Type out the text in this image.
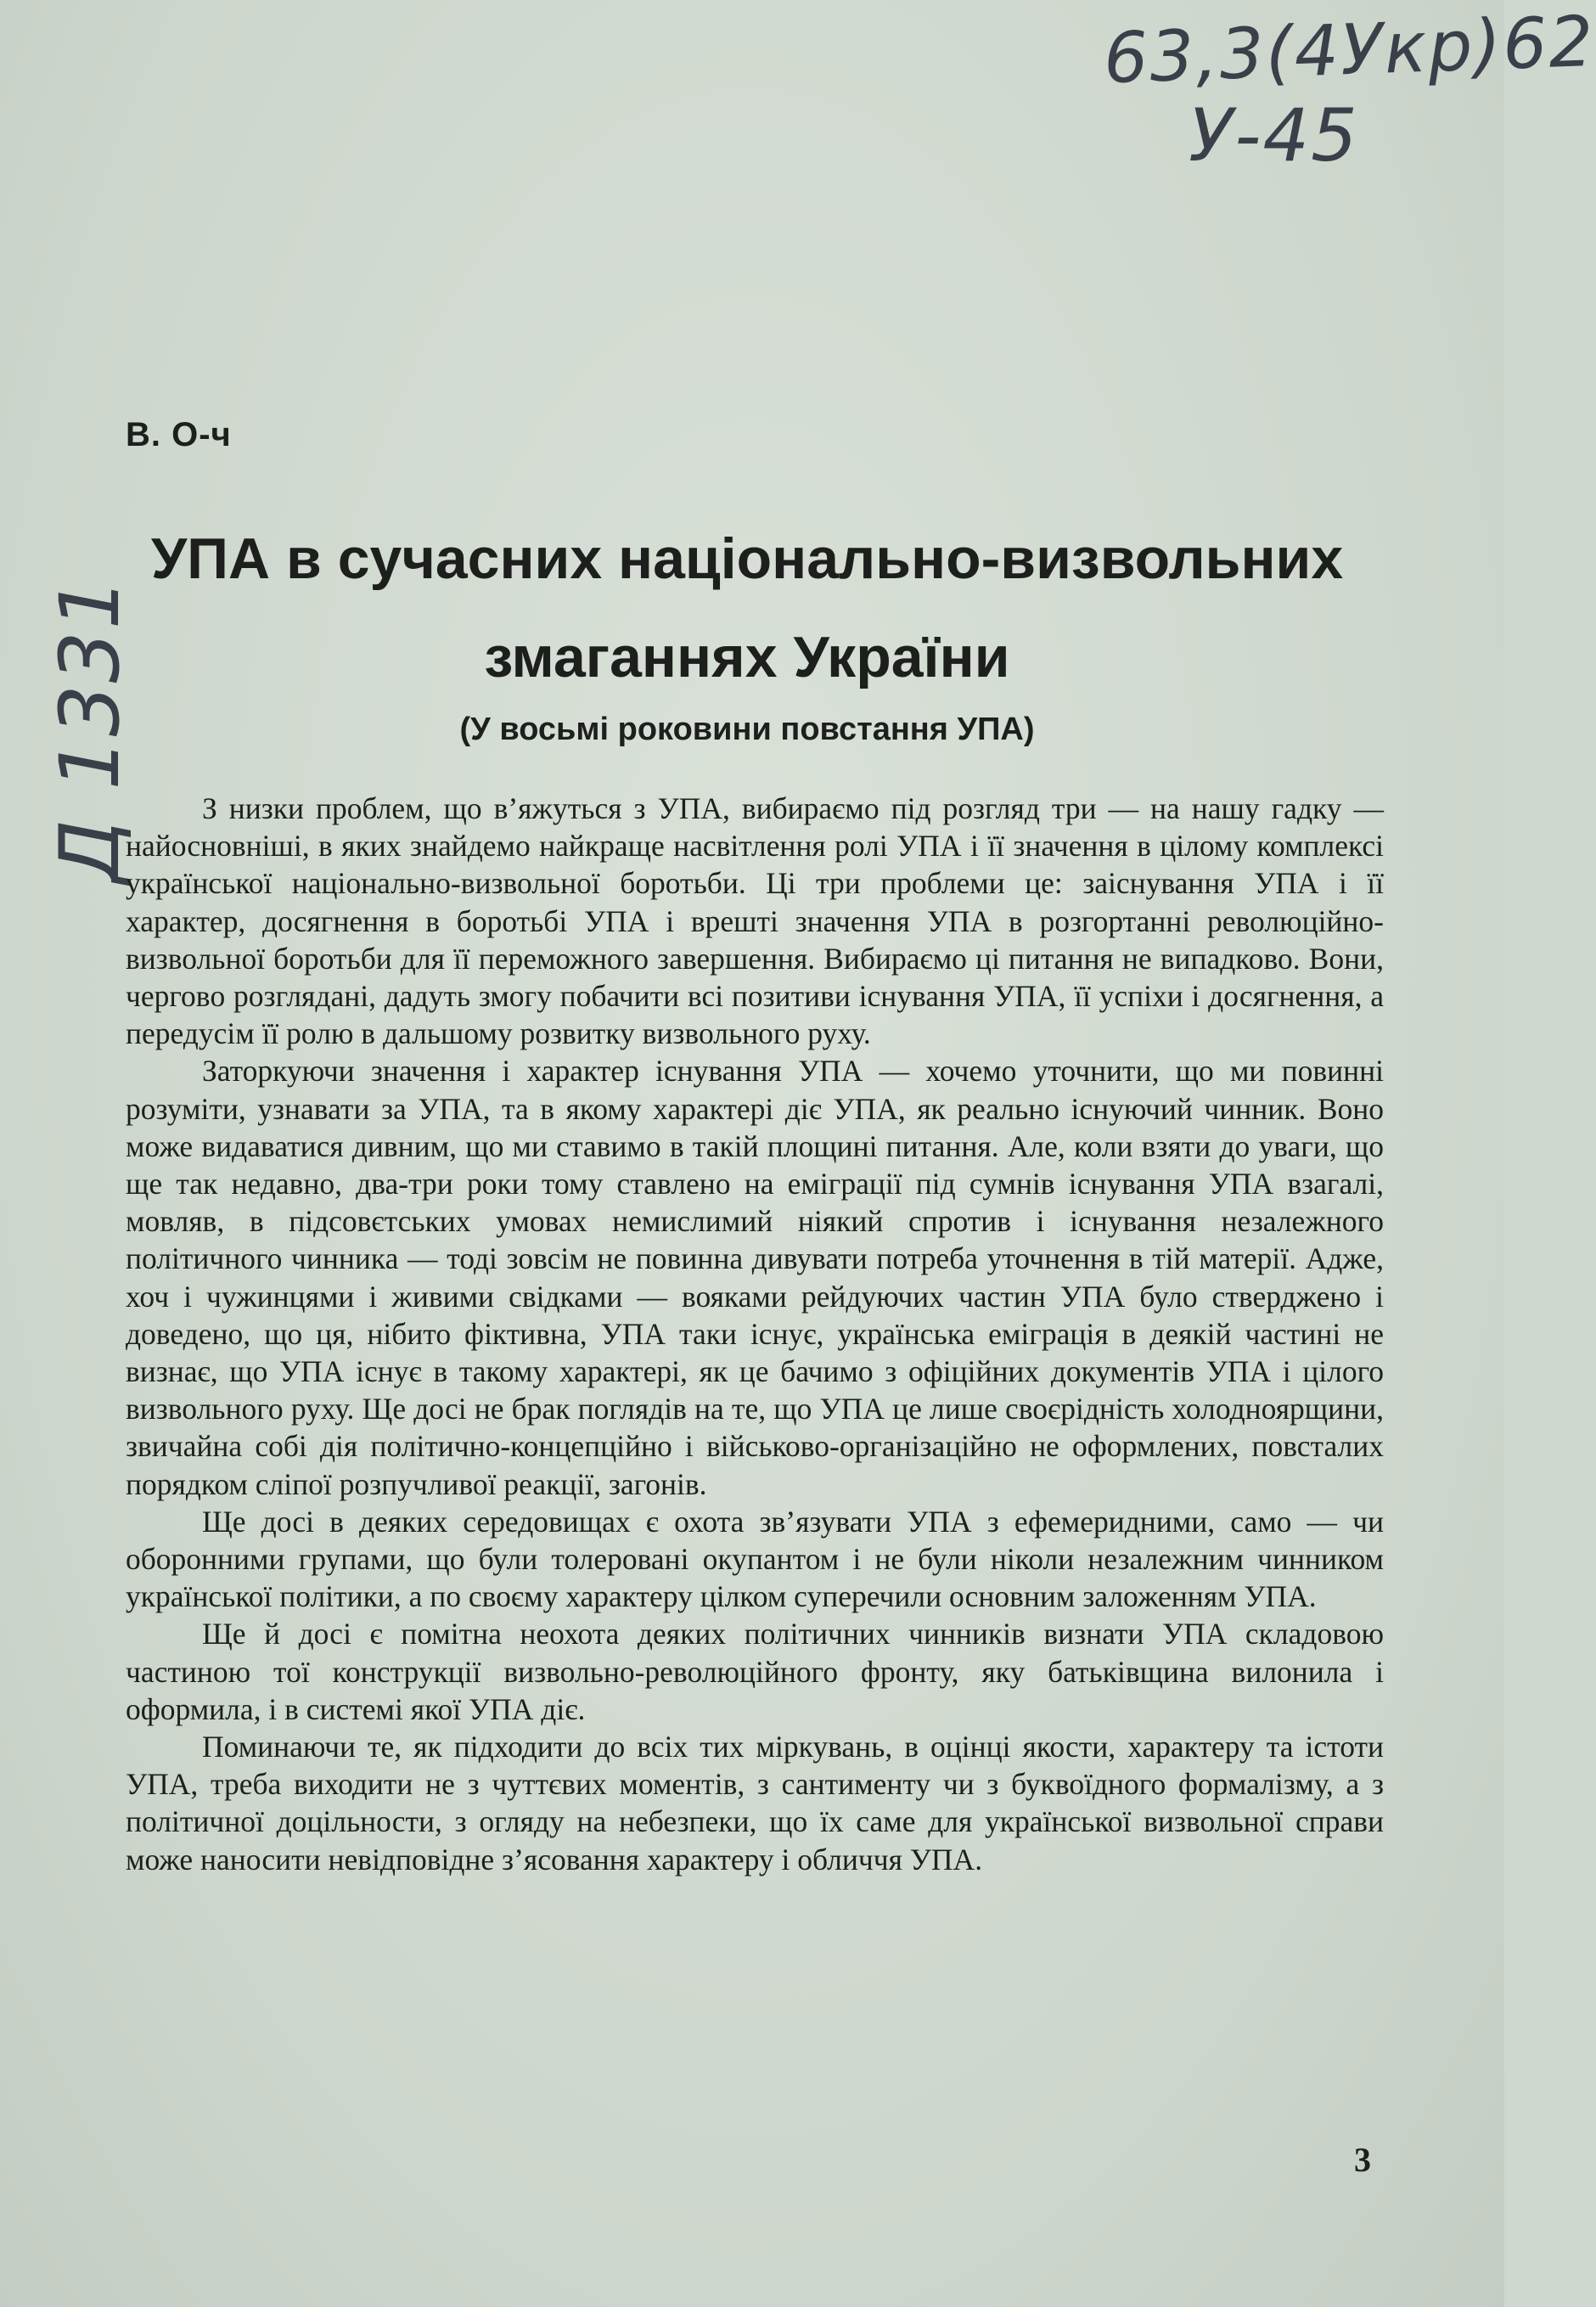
63,3(4Укр)62
У-45
Д 1331
В. О-ч
УПА в сучасних національно-визвольних
змаганнях України
(У восьмі роковини повстання УПА)

З низки проблем, що в’яжуться з УПА, вибираємо під розгляд три — на нашу гадку — найосновніші, в яких знайдемо найкраще насвітлення ролі УПА і її значення в цілому комплексі української національно-визвольної боротьби. Ці три проблеми це: заіснування УПА і її характер, досягнення в боротьбі УПА і врешті значення УПА в розгортанні революційно-визвольної боротьби для її переможного завершення. Вибираємо ці питання не випадково. Вони, черговo розглядані, дадуть змогу побачити всі позитиви існування УПА, її успіхи і досягнення, а передусім її ролю в дальшому розвитку визвольного руху.

Заторкуючи значення і характер існування УПА — хочемо уточнити, що ми повинні розуміти, узнавати за УПА, та в якому характері діє УПА, як реально існуючий чинник. Воно може видаватися дивним, що ми ставимо в такій площині питання. Але, коли взяти до уваги, що ще так недавно, два-три роки тому ставлено на еміграції під сумнів існування УПА взагалі, мовляв, в підсовєтських умовах немислимий ніякий спротив і існування незалежного політичного чинника — тоді зовсім не повинна дивувати потреба уточнення в тій матерії. Адже, хоч і чужинцями і живими свідками — вояками рейдуючих частин УПА було стверджено і доведено, що ця, нібито фіктивна, УПА таки існує, українська еміграція в деякій частині не визнає, що УПА існує в такому характері, як це бачимо з офіційних документів УПА і цілого визвольного руху. Ще досі не брак поглядів на те, що УПА це лише своєрідність холодноярщини, звичайна собі дія політично-концепційно і військово-організаційно не оформлених, повсталих порядком сліпої розпучливої реакції, загонів.

Ще досі в деяких середовищах є охота зв’язувати УПА з ефемеридними, само — чи оборонними групами, що були толеровані окупантом і не були ніколи незалежним чинником української політики, а по своєму характеру цілком суперечили основним заложенням УПА.

Ще й досі є помітна неохота деяких політичних чинників визнати УПА складовою частиною тої конструкції визвольно-революційного фронту, яку батьківщина вилонила і оформила, і в системі якої УПА діє.

Поминаючи те, як підходити до всіх тих міркувань, в оцінці якости, характеру та істоти УПА, треба виходити не з чуттєвих моментів, з сантименту чи з буквоїдного формалізму, а з політичної доцільности, з огляду на небезпеки, що їх саме для української визвольної справи може наносити невідповідне з’ясовання характеру і обличчя УПА.

3
